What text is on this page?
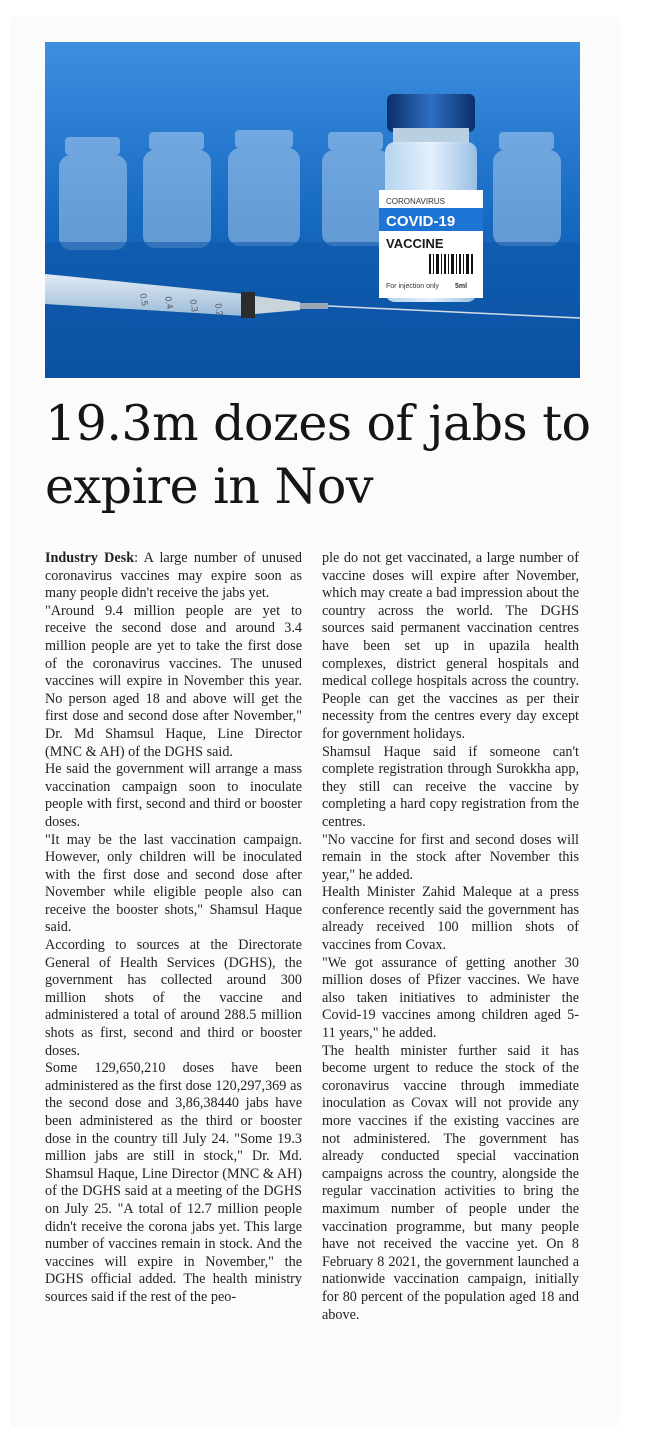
CORONAVIRUS
COVID-19
VACCINE
For injection only 5ml
0.2
0.3
0.4
0.5
19.3m dozes of jabs to expire in Nov

Industry Desk: A large number of unused coronavirus vaccines may expire soon as many people didn't receive the jabs yet.

"Around 9.4 million people are yet to receive the second dose and around 3.4 million people are yet to take the first dose of the coronavirus vaccines. The unused vaccines will expire in November this year. No person aged 18 and above will get the first dose and second dose after November," Dr. Md Shamsul Haque, Line Director (MNC & AH) of the DGHS said.

He said the government will arrange a mass vaccination campaign soon to inoculate people with first, second and third or booster doses.

"It may be the last vaccination campaign. However, only children will be inoculated with the first dose and second dose after November while eligible people also can receive the booster shots," Shamsul Haque said.

According to sources at the Directorate General of Health Services (DGHS), the government has collected around 300 million shots of the vaccine and administered a total of around 288.5 million shots as first, second and third or booster doses.

Some 129,650,210 doses have been administered as the first dose 120,297,369 as the second dose and 3,86,38440 jabs have been administered as the third or booster dose in the country till July 24. "Some 19.3 million jabs are still in stock," Dr. Md. Shamsul Haque, Line Director (MNC & AH) of the DGHS said at a meeting of the DGHS on July 25. "A total of 12.7 million people didn't receive the corona jabs yet. This large number of vaccines remain in stock. And the vaccines will expire in November," the DGHS official added. The health ministry sources said if the rest of the peo-

ple do not get vaccinated, a large number of vaccine doses will expire after November, which may create a bad impression about the country across the world. The DGHS sources said permanent vaccination centres have been set up in upazila health complexes, district general hospitals and medical college hospitals across the country. People can get the vaccines as per their necessity from the centres every day except for government holidays.

Shamsul Haque said if someone can't complete registration through Surokkha app, they still can receive the vaccine by completing a hard copy registration from the centres.

"No vaccine for first and second doses will remain in the stock after November this year," he added.

Health Minister Zahid Maleque at a press conference recently said the government has already received 100 million shots of vaccines from Covax.

"We got assurance of getting another 30 million doses of Pfizer vaccines. We have also taken initiatives to administer the Covid-19 vaccines among children aged 5-11 years," he added.

The health minister further said it has become urgent to reduce the stock of the coronavirus vaccine through immediate inoculation as Covax will not provide any more vaccines if the existing vaccines are not administered. The government has already conducted special vaccination campaigns across the country, alongside the regular vaccination activities to bring the maximum number of people under the vaccination programme, but many people have not received the vaccine yet. On 8 February 8 2021, the government launched a nationwide vaccination campaign, initially for 80 percent of the population aged 18 and above.
